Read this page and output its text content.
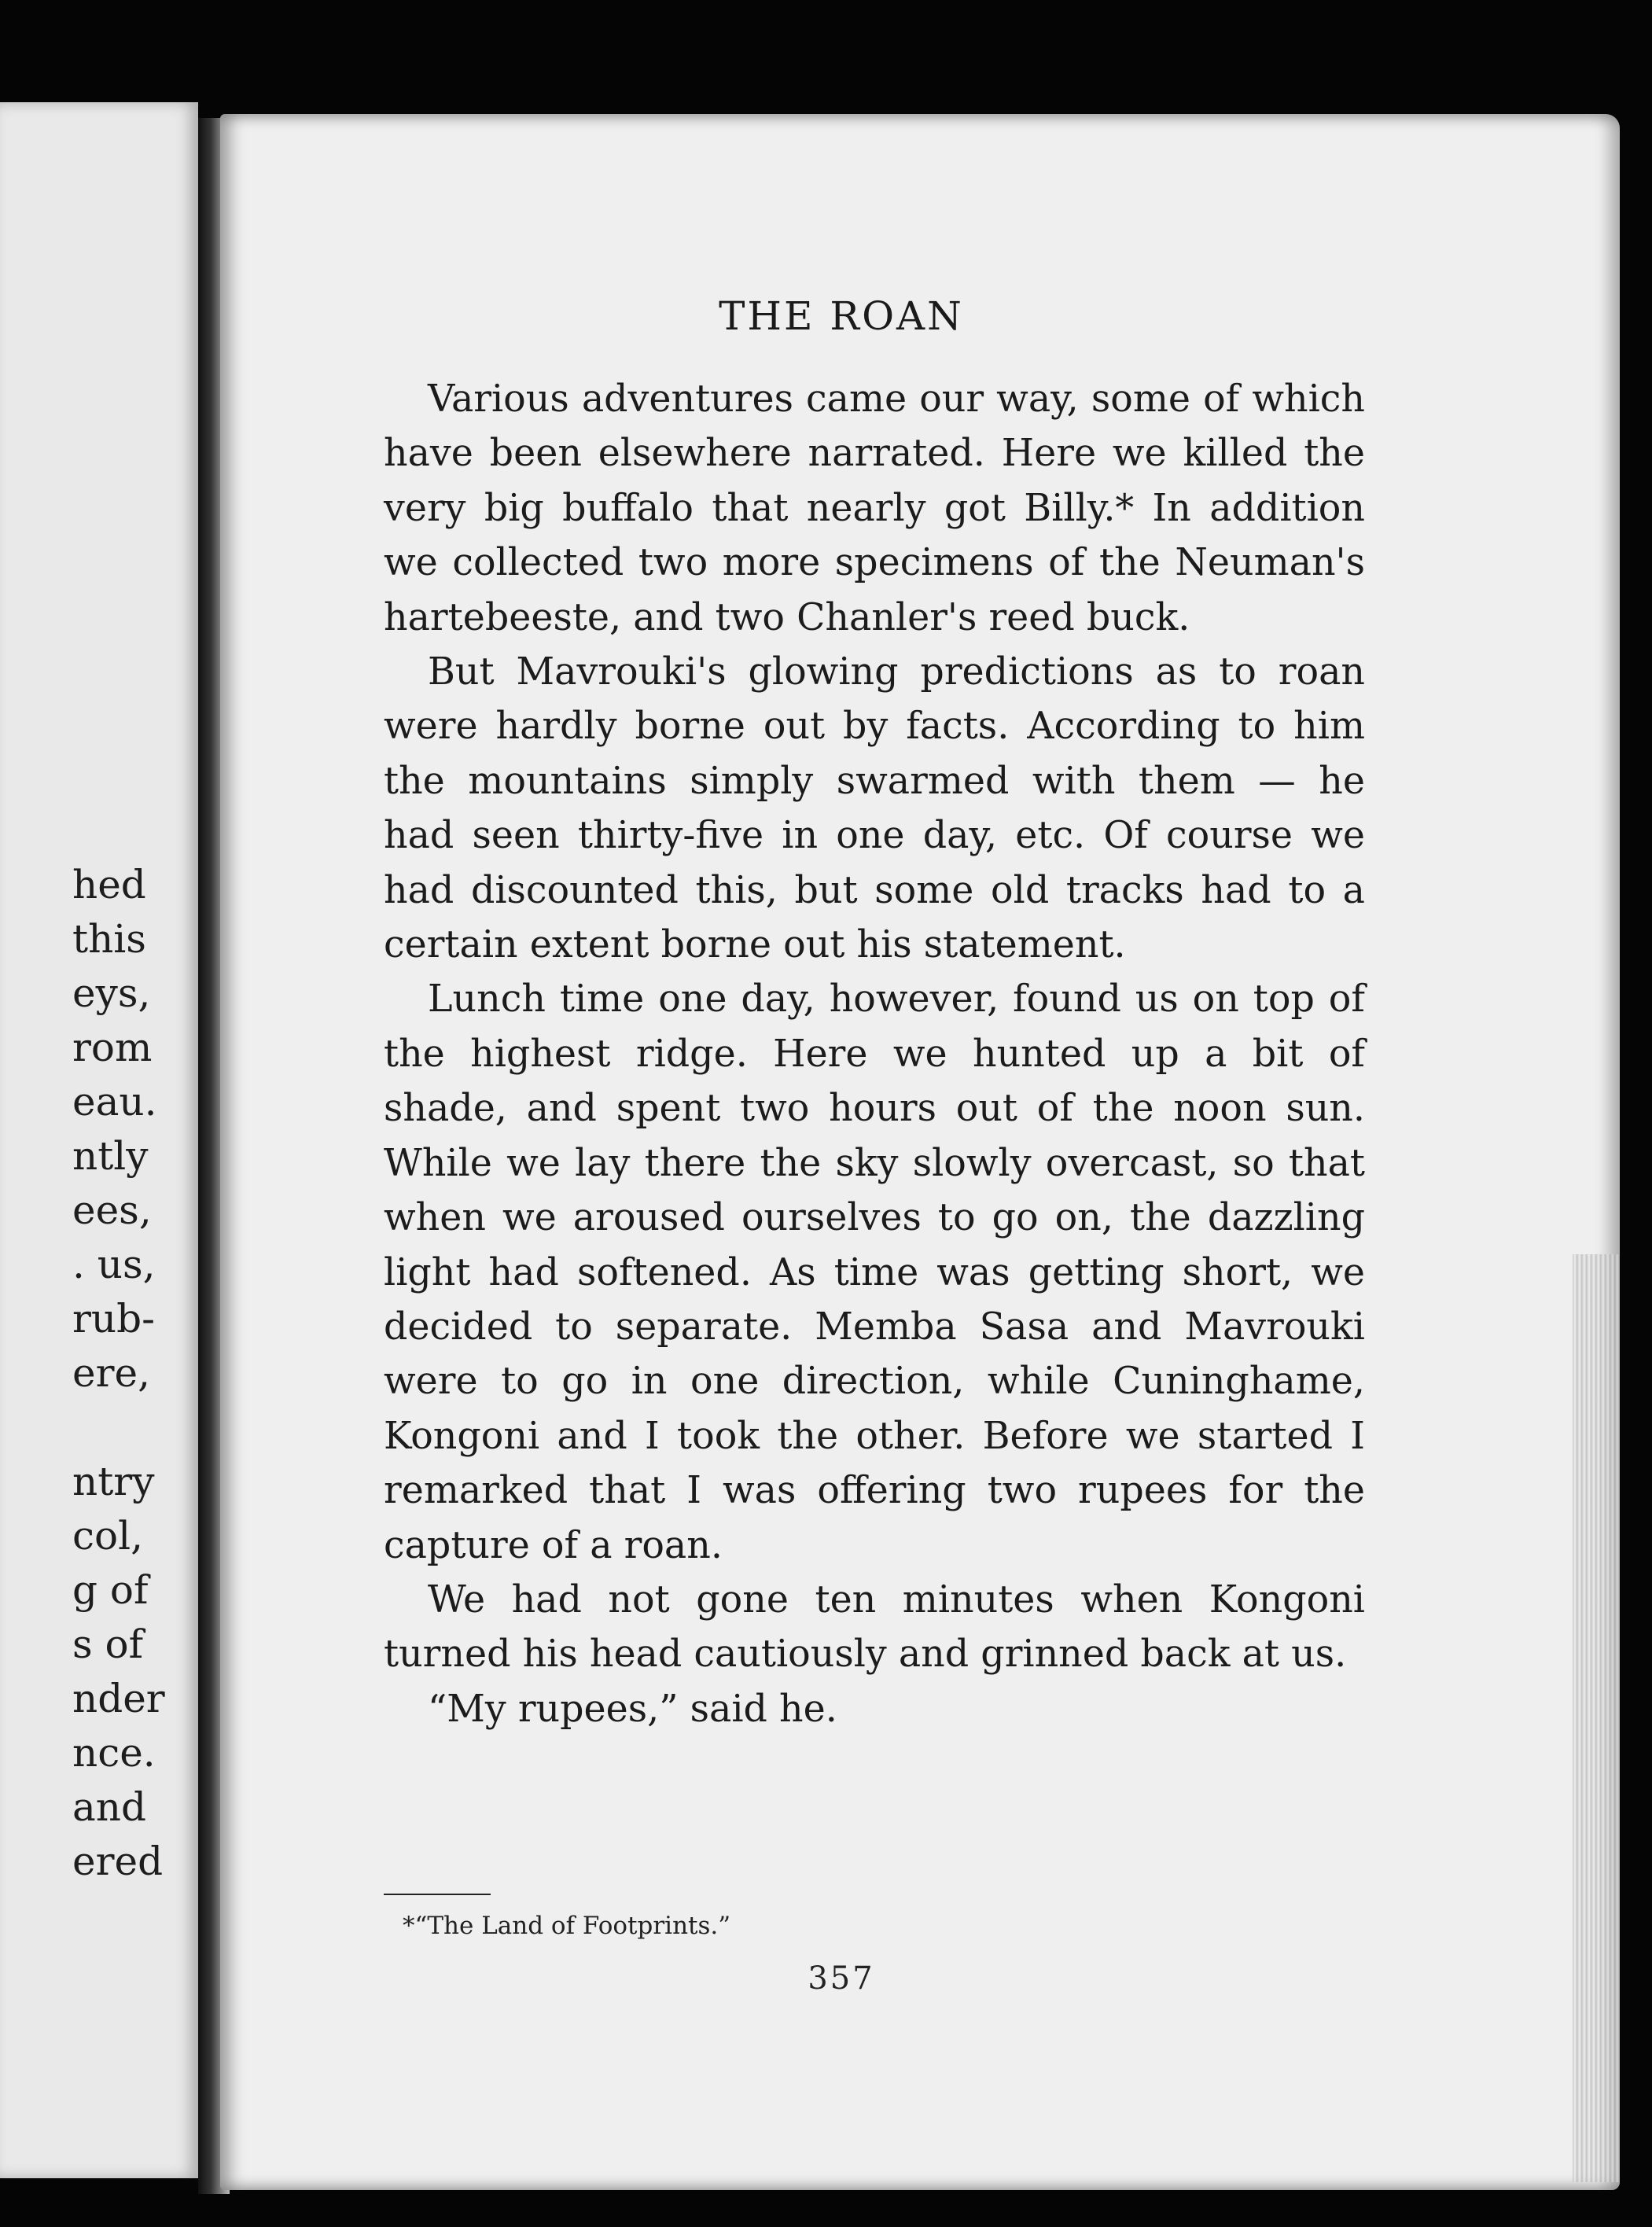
hed
this
eys,
rom
eau.
ntly
ees,
. us,
rub-
ere,
ntry
col,
g of
s of
nder
nce.
and
ered
THE ROAN

Various adventures came our way, some of which have been elsewhere narrated. Here we killed the very big buffalo that nearly got Billy.* In addition we collected two more specimens of the Neuman's hartebeeste, and two Chanler's reed buck.

But Mavrouki's glowing predictions as to roan were hardly borne out by facts. According to him the mountains simply swarmed with them — he had seen thirty-five in one day, etc. Of course we had discounted this, but some old tracks had to a certain extent borne out his statement.

Lunch time one day, however, found us on top of the highest ridge. Here we hunted up a bit of shade, and spent two hours out of the noon sun. While we lay there the sky slowly overcast, so that when we aroused ourselves to go on, the dazzling light had softened. As time was getting short, we decided to separate. Memba Sasa and Mavrouki were to go in one direction, while Cuninghame, Kongoni and I took the other. Before we started I remarked that I was offering two rupees for the capture of a roan.

We had not gone ten minutes when Kongoni turned his head cautiously and grinned back at us.

“My rupees,” said he.

*“The Land of Footprints.”
357
